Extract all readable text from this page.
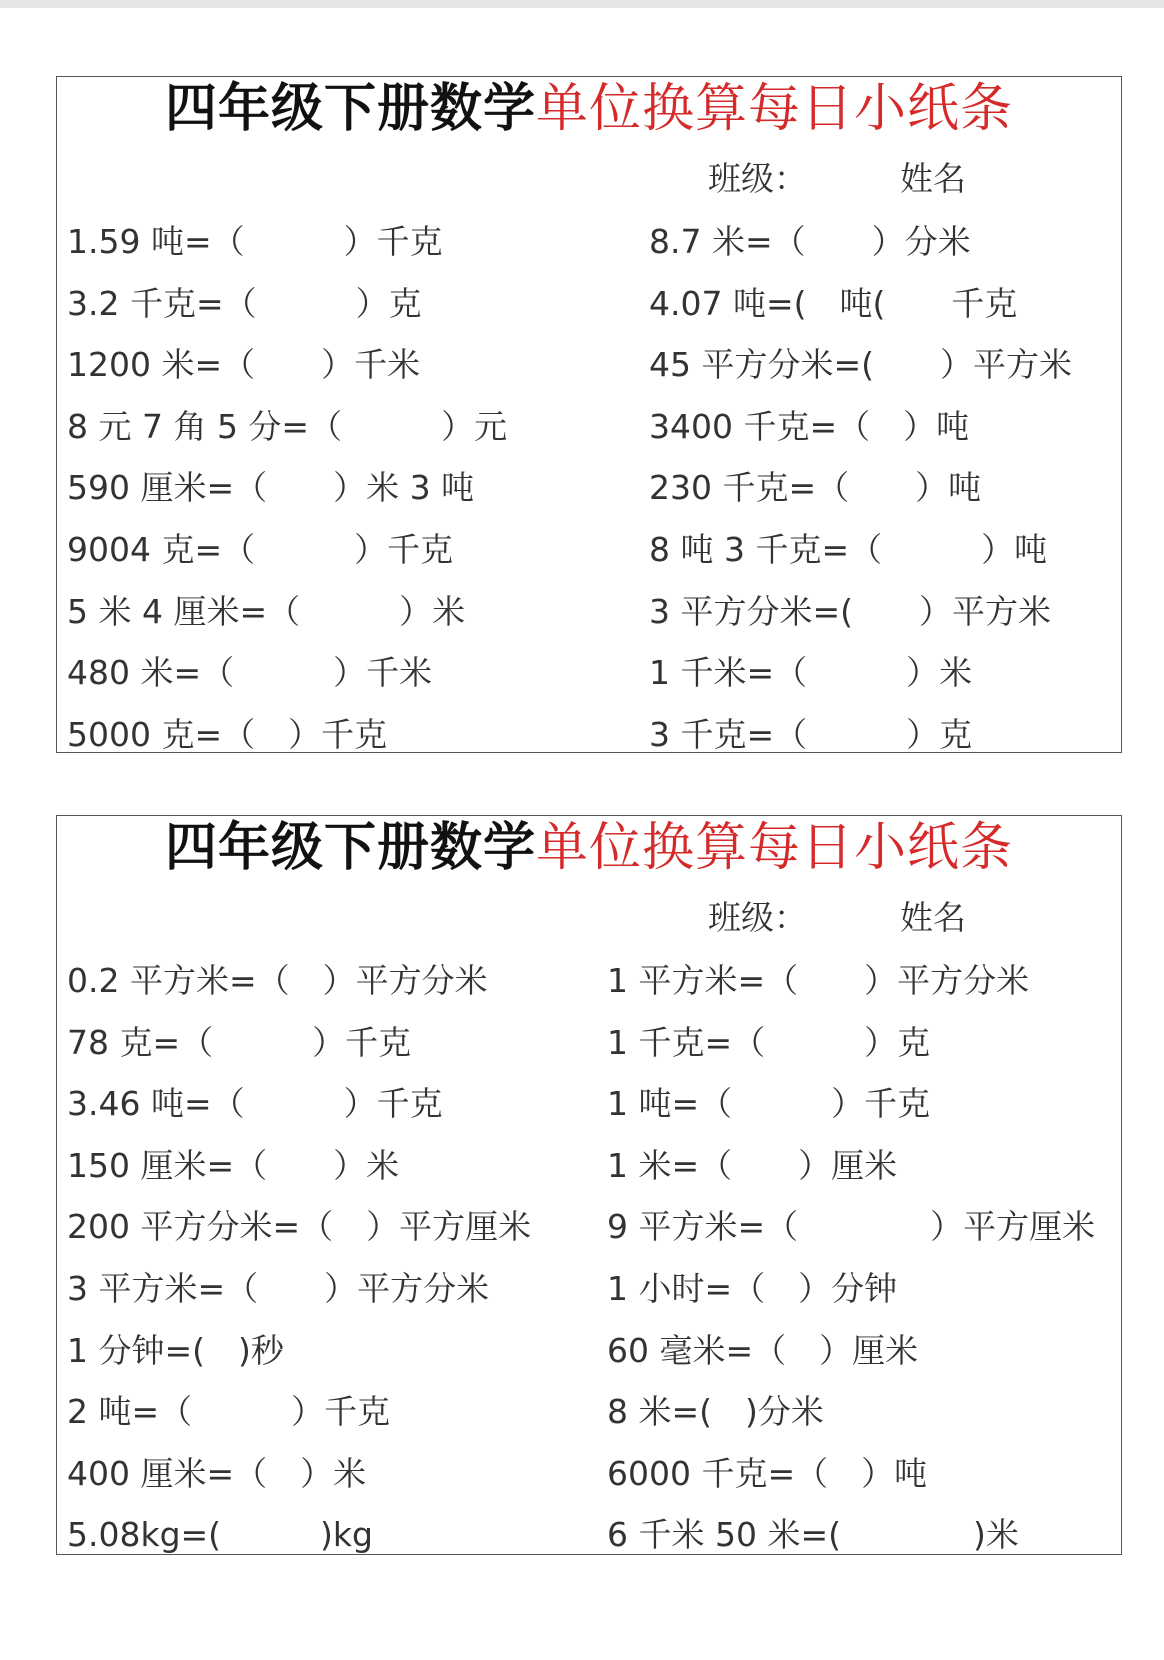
四年级下册数学单位换算每日小纸条
班级：	姓名
1.59 吨=（　　　）千克
3.2 千克=（　　　）克
1200 米=（　　）千米
8 元 7 角 5 分=（　　　）元
590 厘米=（　　）米 3 吨
9004 克=（　　　）千克
5 米 4 厘米=（　　　）米
480 米=（　　　）千米
5000 克=（　）千克
8.7 米=（　　）分米
4.07 吨=(　吨(　　千克
45 平方分米=(　　）平方米
3400 千克=（　）吨
230 千克=（　　）吨
8 吨 3 千克=（　　　）吨
3 平方分米=(　　）平方米
1 千米=（　　　）米
3 千克=（　　　）克
四年级下册数学单位换算每日小纸条
班级：	姓名
0.2 平方米=（　）平方分米
78 克=（　　　）千克
3.46 吨=（　　　）千克
150 厘米=（　　）米
200 平方分米=（　）平方厘米
3 平方米=（　　）平方分米
1 分钟=(　)秒
2 吨=（　　　）千克
400 厘米=（　）米
5.08kg=(　　　)kg
1 平方米=（　　）平方分米
1 千克=（　　　）克
1 吨=（　　　）千克
1 米=（　　）厘米
9 平方米=（　　　　）平方厘米
1 小时=（　）分钟
60 毫米=（　）厘米
8 米=(　)分米
6000 千克=（　）吨
6 千米 50 米=(　　　　)米
